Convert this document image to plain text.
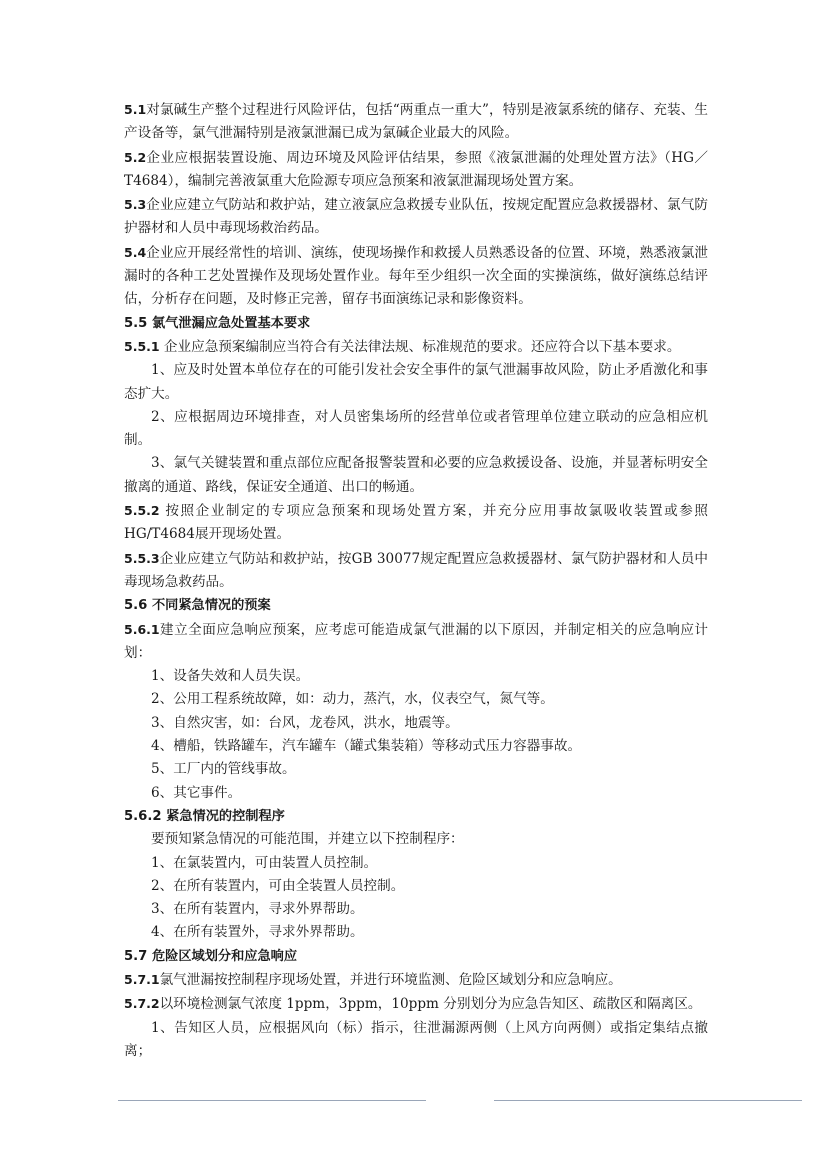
5.1对氯碱生产整个过程进行风险评估，包括“两重点一重大”，特别是液氯系统的储存、充装、生产设备等，氯气泄漏特别是液氯泄漏已成为氯碱企业最大的风险。

5.2企业应根据装置设施、周边环境及风险评估结果，参照《液氯泄漏的处理处置方法》（HG／T4684），编制完善液氯重大危险源专项应急预案和液氯泄漏现场处置方案。

5.3企业应建立气防站和救护站，建立液氯应急救援专业队伍，按规定配置应急救援器材、氯气防护器材和人员中毒现场救治药品。

5.4企业应开展经常性的培训、演练，使现场操作和救援人员熟悉设备的位置、环境，熟悉液氯泄漏时的各种工艺处置操作及现场处置作业。每年至少组织一次全面的实操演练，做好演练总结评估，分析存在问题，及时修正完善，留存书面演练记录和影像资料。

5.5 氯气泄漏应急处置基本要求

5.5.1 企业应急预案编制应当符合有关法律法规、标准规范的要求。还应符合以下基本要求。

1、应及时处置本单位存在的可能引发社会安全事件的氯气泄漏事故风险，防止矛盾激化和事态扩大。

2、应根据周边环境排查，对人员密集场所的经营单位或者管理单位建立联动的应急相应机制。

3、氯气关键装置和重点部位应配备报警装置和必要的应急救援设备、设施，并显著标明安全撤离的通道、路线，保证安全通道、出口的畅通。

5.5.2 按照企业制定的专项应急预案和现场处置方案，并充分应用事故氯吸收装置或参照HG/T4684展开现场处置。

5.5.3企业应建立气防站和救护站，按GB 30077规定配置应急救援器材、氯气防护器材和人员中毒现场急救药品。

5.6 不同紧急情况的预案

5.6.1建立全面应急响应预案，应考虑可能造成氯气泄漏的以下原因，并制定相关的应急响应计划：

1、设备失效和人员失误。

2、公用工程系统故障，如：动力，蒸汽，水，仪表空气，氮气等。

3、自然灾害，如：台风，龙卷风，洪水，地震等。

4、槽船，铁路罐车，汽车罐车（罐式集装箱）等移动式压力容器事故。

5、工厂内的管线事故。

6、其它事件。

5.6.2 紧急情况的控制程序

要预知紧急情况的可能范围，并建立以下控制程序：

1、在氯装置内，可由装置人员控制。

2、在所有装置内，可由全装置人员控制。

3、在所有装置内，寻求外界帮助。

4、在所有装置外，寻求外界帮助。

5.7 危险区域划分和应急响应

5.7.1氯气泄漏按控制程序现场处置，并进行环境监测、危险区域划分和应急响应。

5.7.2以环境检测氯气浓度 1ppm，3ppm，10ppm 分别划分为应急告知区、疏散区和隔离区。

1、告知区人员，应根据风向（标）指示，往泄漏源两侧（上风方向两侧）或指定集结点撤离；
